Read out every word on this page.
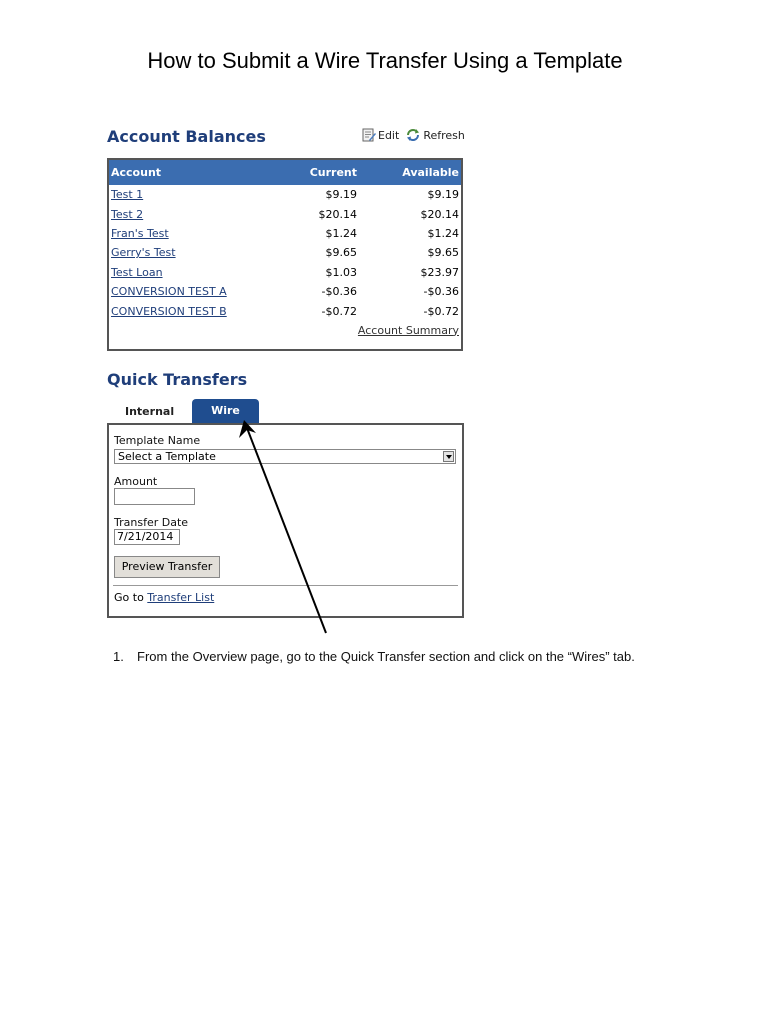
How to Submit a Wire Transfer Using a Template
Account Balances	Edit Refresh
Account	Current	Available
Test 1	$9.19	$9.19
Test 2	$20.14	$20.14
Fran's Test	$1.24	$1.24
Gerry's Test	$9.65	$9.65
Test Loan	$1.03	$23.97
CONVERSION TEST A	-$0.36	-$0.36
CONVERSION TEST B	-$0.72	-$0.72
Account Summary
Quick Transfers
Internal	Wire
Template Name
Select a Template
Amount
Transfer Date
7/21/2014
Preview Transfer
Go to Transfer List
1. From the Overview page, go to the Quick Transfer section and click on the “Wires” tab.
